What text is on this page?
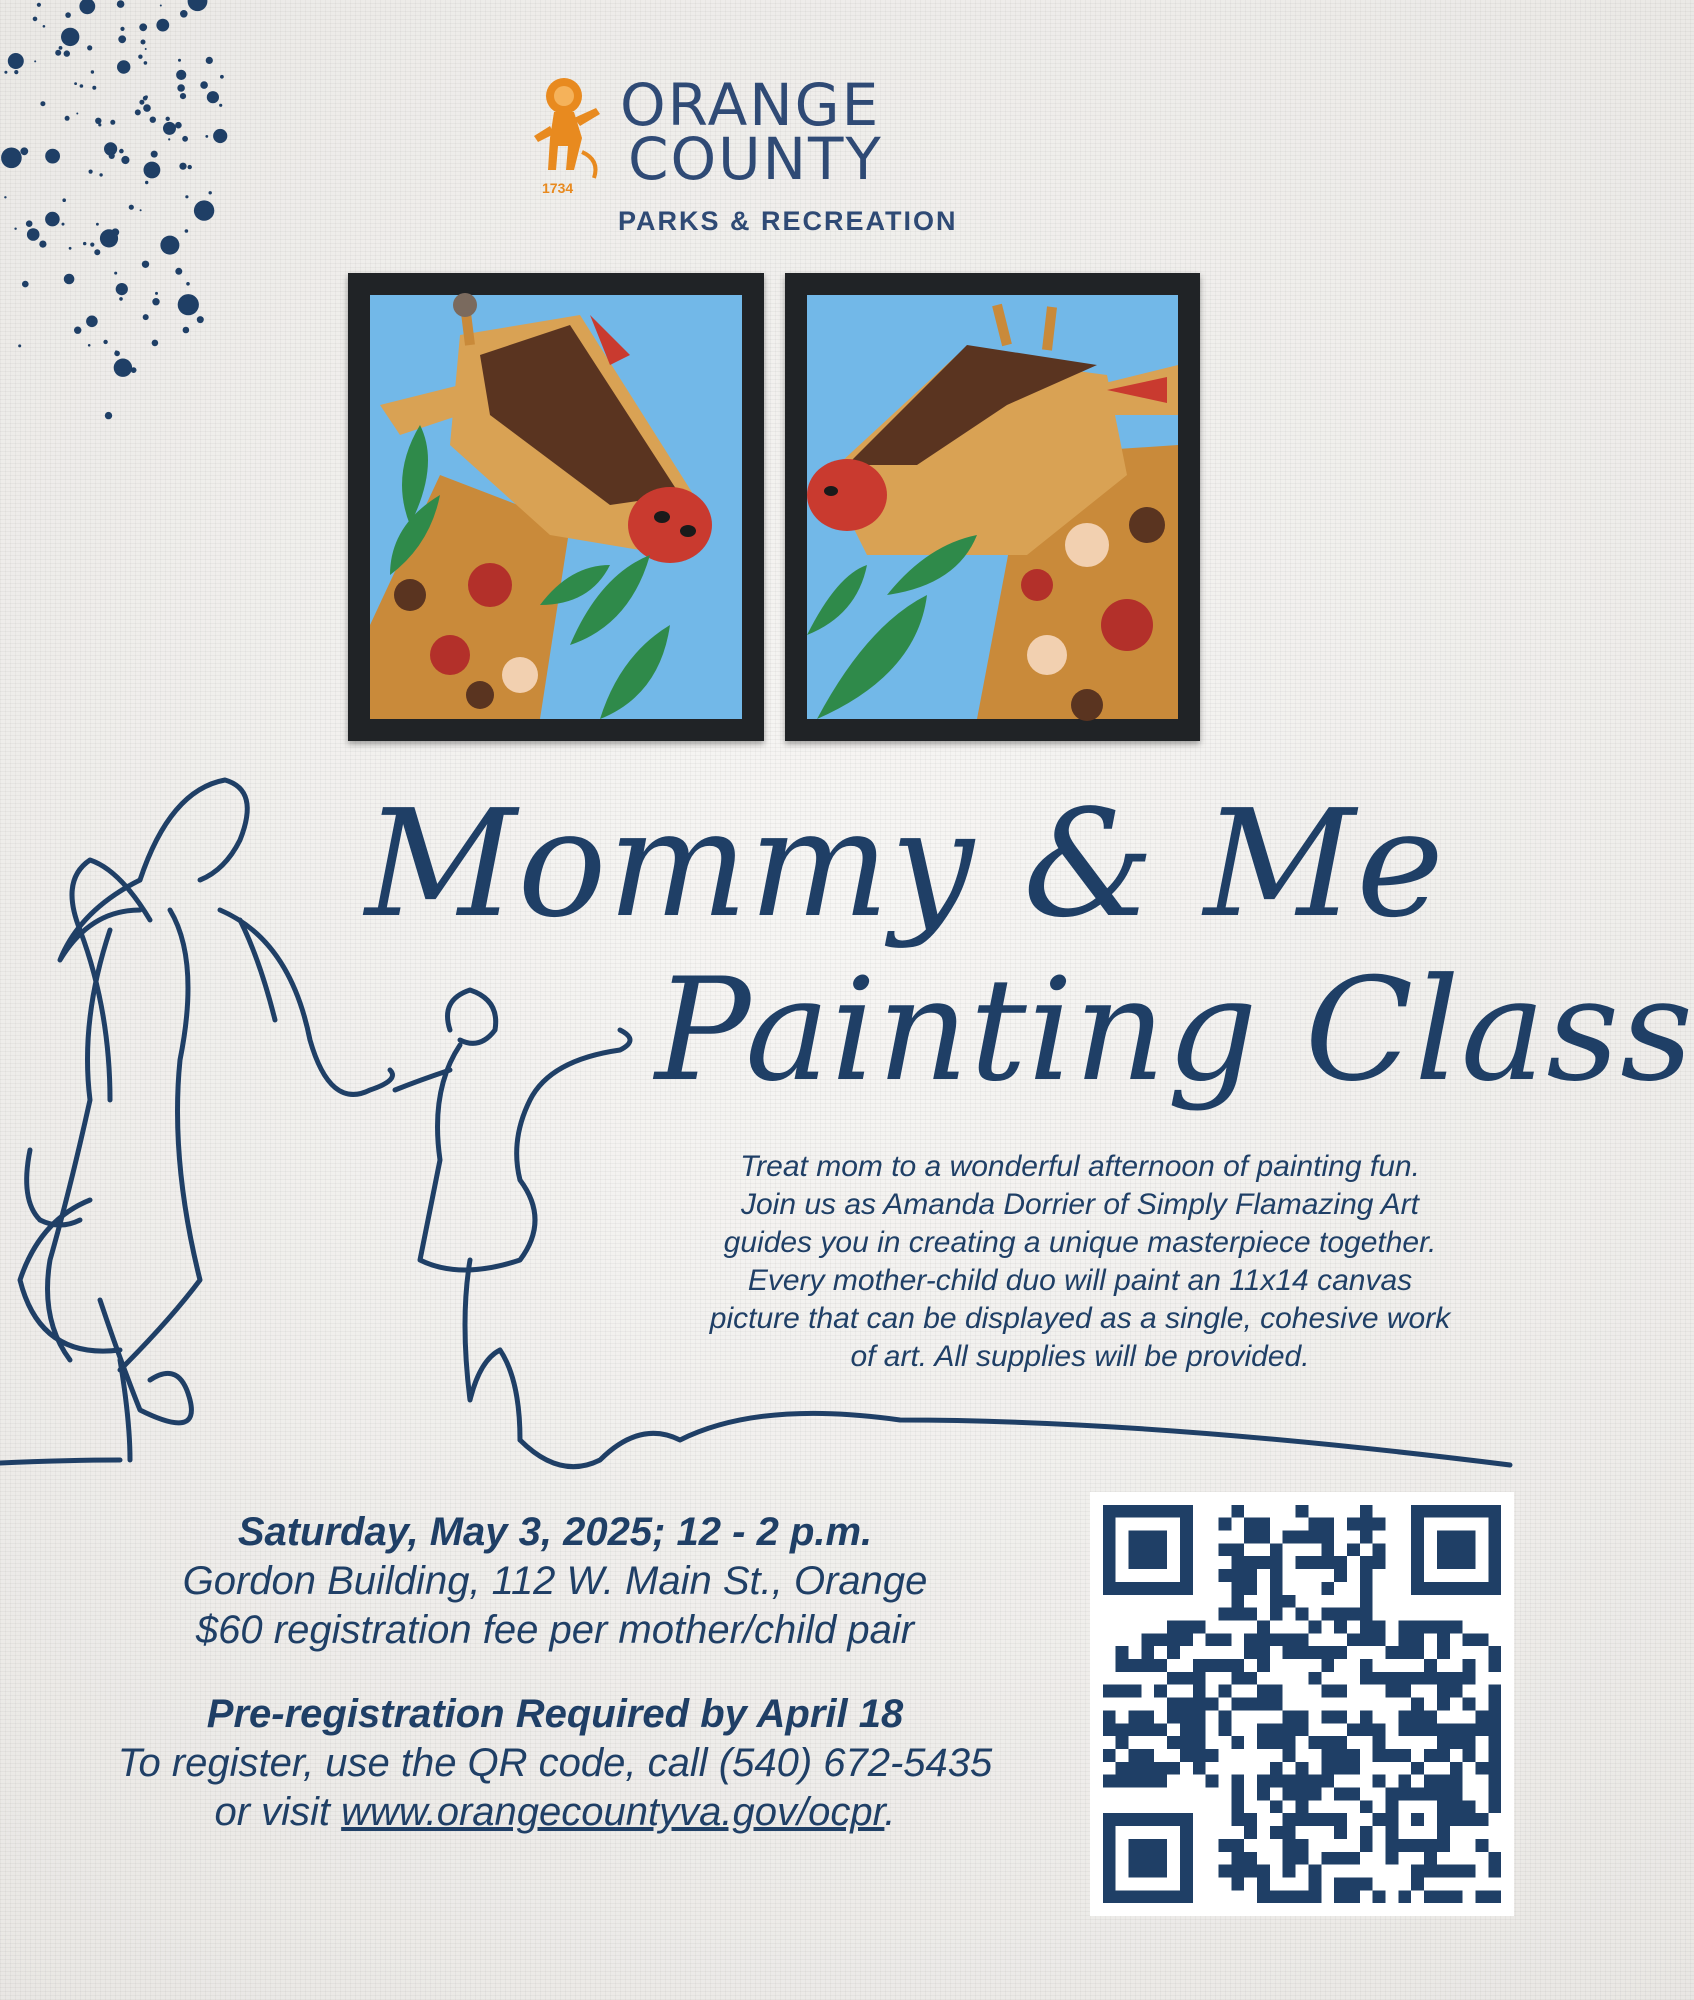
1734
ORANGE
COUNTY
PARKS & RECREATION
Mommy & Me
Painting Class

Treat mom to a wonderful afternoon of painting fun.

Join us as Amanda Dorrier of Simply Flamazing Art

guides you in creating a unique masterpiece together.

Every mother-child duo will paint an 11x14 canvas

picture that can be displayed as a single, cohesive work

of art. All supplies will be provided.

Saturday, May 3, 2025; 12 - 2 p.m.

Gordon Building, 112 W. Main St., Orange

$60 registration fee per mother/child pair

Pre-registration Required by April 18

To register, use the QR code, call (540) 672-5435

or visit www.orangecountyva.gov/ocpr.
